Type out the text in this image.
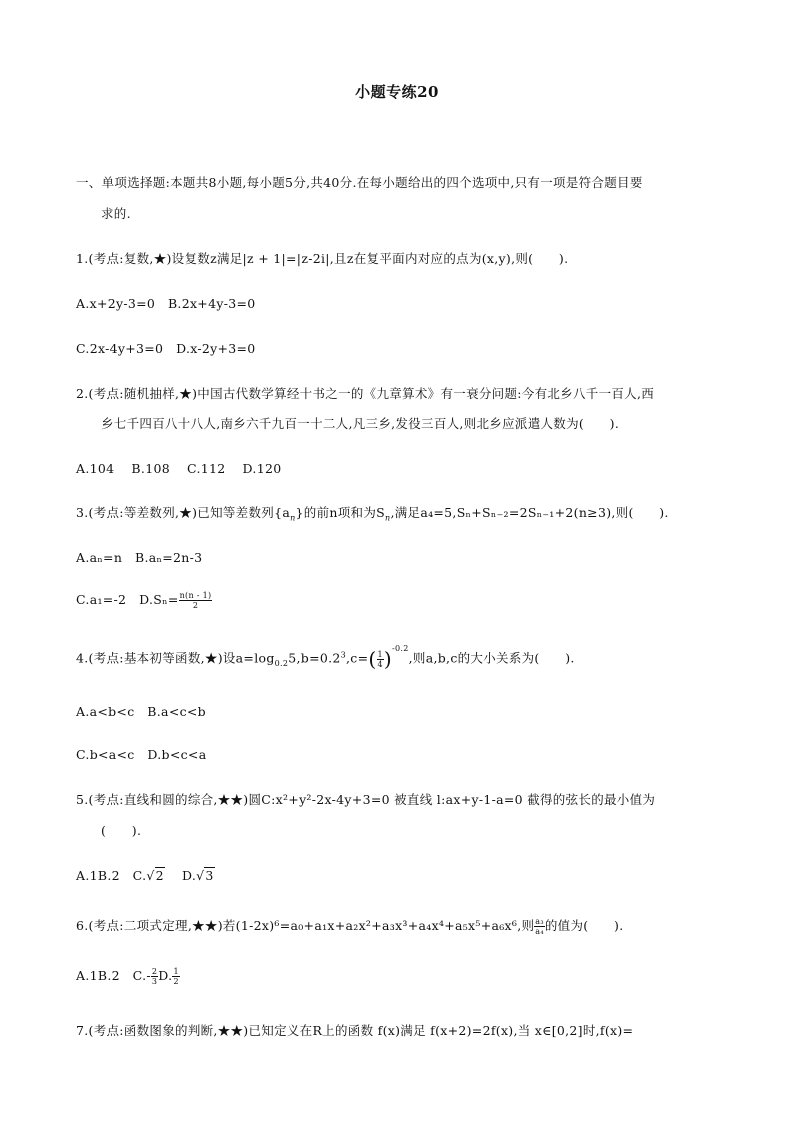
小题专练20
一、单项选择题:本题共8小题,每小题5分,共40分.在每小题给出的四个选项中,只有一项是符合题目要
求的.
1.(考点:复数,★)设复数z满足|z + 1|=|z-2i|,且z在复平面内对应的点为(x,y),则(　　).
A.x+2y-3=0　B.2x+4y-3=0
C.2x-4y+3=0　D.x-2y+3=0
2.(考点:随机抽样,★)中国古代数学算经十书之一的《九章算术》有一衰分问题:今有北乡八千一百人,西
乡七千四百八十八人,南乡六千九百一十二人,凡三乡,发役三百人,则北乡应派遣人数为(　　).
A.104　 B.108　 C.112　 D.120
3.(考点:等差数列,★)已知等差数列$\{a_n\}$的前n项和为$S_n$,满足a₄=5,Sₙ+Sₙ₋₂=2Sₙ₋₁+2(n≥3),则(　　).
A.aₙ=n　B.aₙ=2n-3
C.a₁=-2　$D.S_n= \frac{n(n - 1)}{2}$
4.(考点:基本初等函数,★)设$a=\log_{0.2}5,b=0.2^3,c=( \frac{1}{4} )^{-0.2}$,则a,b,c的大小关系为(　　).
A.a<b<c　B.a<c<b
C.b<a<c　D.b<c<a
5.(考点:直线和圆的综合,★★)圆C:x²+y²-2x-4y+3=0 被直线 l:ax+y-1-a=0 截得的弦长的最小值为
(　　).
A.1B.2　C.√2　 D.√3
6.(考点:二项式定理,★★)若(1-2x)⁶=a₀+a₁x+a₂x²+a₃x³+a₄x⁴+a₅x⁵+a₆x⁶,则 $\frac{\text{a₃}}{\text{a₄}}$ 的值为(　　).
A.1B.2　$C.- \frac{2}{3} D$. $\frac{1}{2}$
7.(考点:函数图象的判断,★★)已知定义在R上的函数 f(x)满足 f(x+2)=2f(x),当 x∈[0,2]时,f(x)=
